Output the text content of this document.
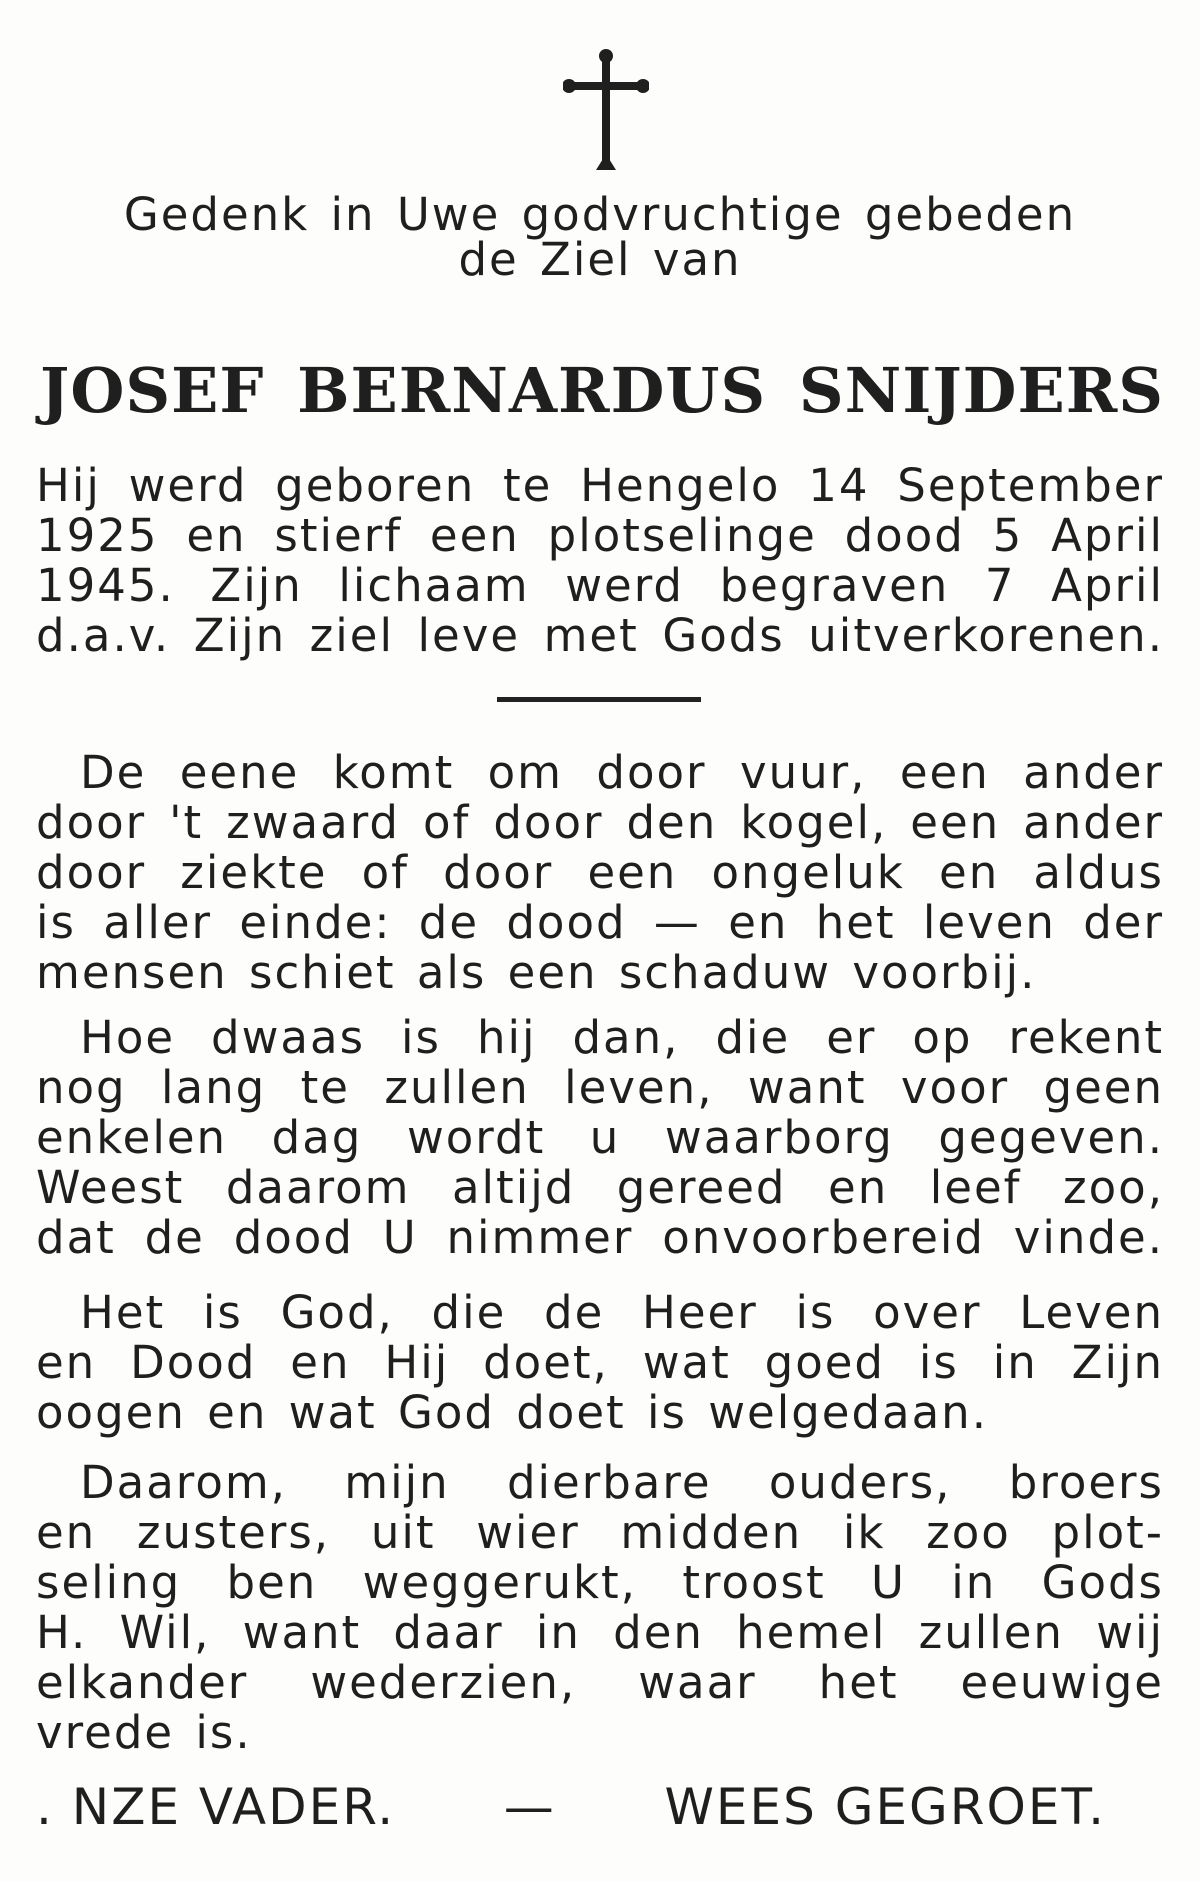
Gedenk in Uwe godvruchtige gebeden
de Ziel van
JOSEF BERNARDUS SNIJDERS
Hij werd geboren te Hengelo 14 September
1925 en stierf een plotselinge dood 5 April
1945. Zijn lichaam werd begraven 7 April
d.a.v. Zijn ziel leve met Gods uitverkorenen.
De eene komt om door vuur, een ander
door 't zwaard of door den kogel, een ander
door ziekte of door een ongeluk en aldus
is aller einde: de dood — en het leven der
mensen schiet als een schaduw voorbij.
Hoe dwaas is hij dan, die er op rekent
nog lang te zullen leven, want voor geen
enkelen dag wordt u waarborg gegeven.
Weest daarom altijd gereed en leef zoo,
dat de dood U nimmer onvoorbereid vinde.
Het is God, die de Heer is over Leven
en Dood en Hij doet, wat goed is in Zijn
oogen en wat God doet is welgedaan.
Daarom, mijn dierbare ouders, broers
en zusters, uit wier midden ik zoo plot-
seling ben weggerukt, troost U in Gods
H. Wil, want daar in den hemel zullen wij
elkander wederzien, waar het eeuwige
vrede is.
. NZE VADER. — WEES GEGROET.
